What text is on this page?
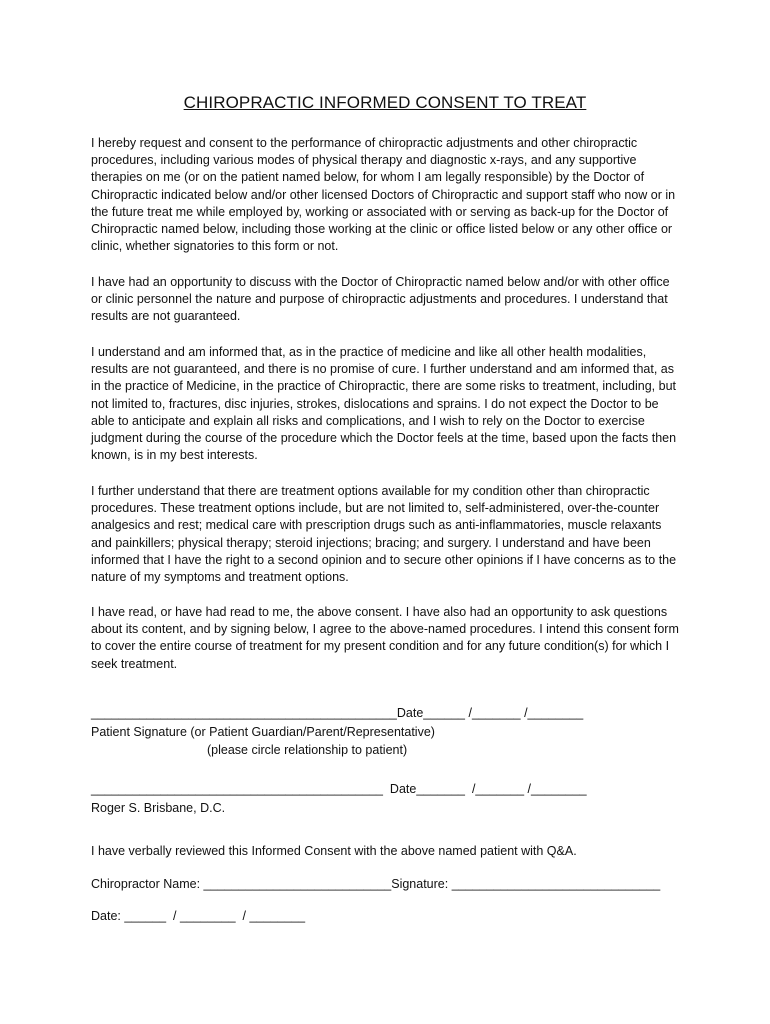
CHIROPRACTIC INFORMED CONSENT TO TREAT

I hereby request and consent to the performance of chiropractic adjustments and other chiropractic procedures, including various modes of physical therapy and diagnostic x-rays, and any supportive therapies on me (or on the patient named below, for whom I am legally responsible) by the Doctor of Chiropractic indicated below and/or other licensed Doctors of Chiropractic and support staff who now or in the future treat me while employed by, working or associated with or serving as back-up for the Doctor of Chiropractic named below, including those working at the clinic or office listed below or any other office or clinic, whether signatories to this form or not.

I have had an opportunity to discuss with the Doctor of Chiropractic named below and/or with other office or clinic personnel the nature and purpose of chiropractic adjustments and procedures. I understand that results are not guaranteed.

I understand and am informed that, as in the practice of medicine and like all other health modalities, results are not guaranteed, and there is no promise of cure. I further understand and am informed that, as in the practice of Medicine, in the practice of Chiropractic, there are some risks to treatment, including, but not limited to, fractures, disc injuries, strokes, dislocations and sprains. I do not expect the Doctor to be able to anticipate and explain all risks and complications, and I wish to rely on the Doctor to exercise judgment during the course of the procedure which the Doctor feels at the time, based upon the facts then known, is in my best interests.

I further understand that there are treatment options available for my condition other than chiropractic procedures. These treatment options include, but are not limited to, self-administered, over-the-counter analgesics and rest; medical care with prescription drugs such as anti-inflammatories, muscle relaxants and painkillers; physical therapy; steroid injections; bracing; and surgery. I understand and have been informed that I have the right to a second opinion and to secure other opinions if I have concerns as to the nature of my symptoms and treatment options.

I have read, or have had read to me, the above consent. I have also had an opportunity to ask questions about its content, and by signing below, I agree to the above-named procedures. I intend this consent form to cover the entire course of treatment for my present condition and for any future condition(s) for which I seek treatment.

____________________________________________Date______ /_______ /________
Patient Signature (or Patient Guardian/Parent/Representative)
(please circle relationship to patient)
__________________________________________  Date_______  /_______ /________
Roger S. Brisbane, D.C.
I have verbally reviewed this Informed Consent with the above named patient with Q&A.
Chiropractor Name: ___________________________Signature: ______________________________
Date: ______  / ________  / ________
